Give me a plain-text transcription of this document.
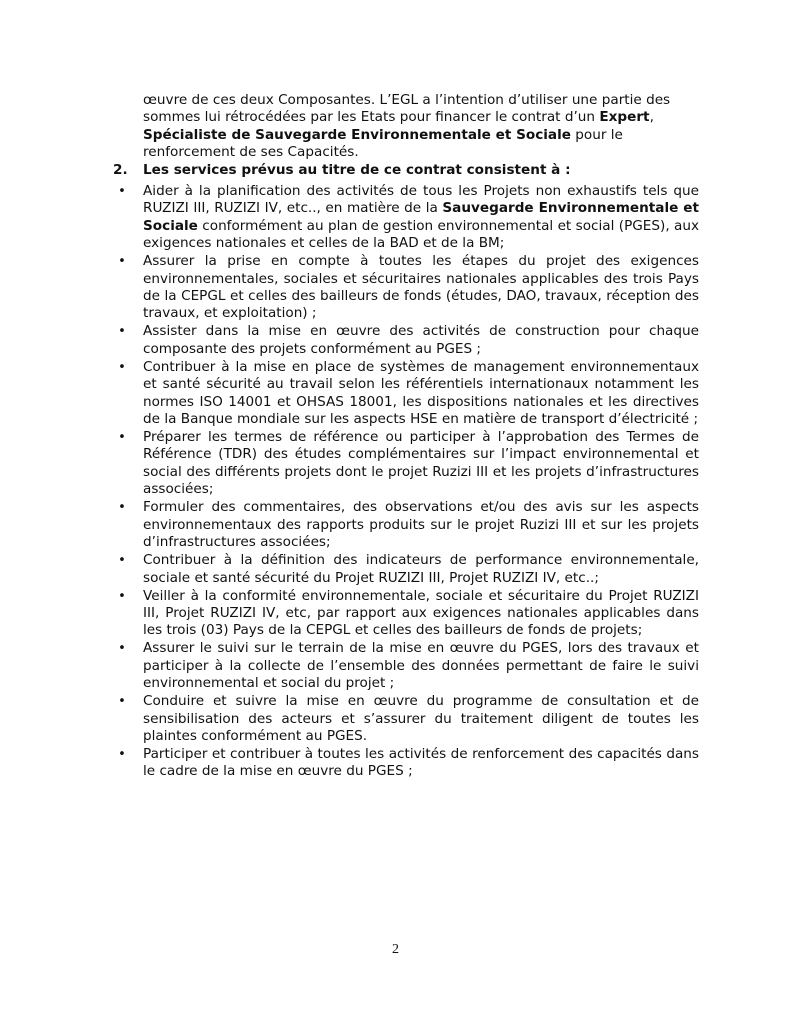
œuvre de ces deux Composantes. L’EGL a l’intention d’utiliser une partie des sommes lui rétrocédées par les Etats pour financer le contrat d’un Expert, Spécialiste de Sauvegarde Environnementale et Sociale pour le renforcement de ses Capacités.

2. Les services prévus au titre de ce contrat consistent à :
• Aider à la planification des activités de tous les Projets non exhaustifs tels que RUZIZI III, RUZIZI IV, etc.., en matière de la Sauvegarde Environnementale et Sociale conformément au plan de gestion environnemental et social (PGES), aux exigences nationales et celles de la BAD et de la BM;
• Assurer la prise en compte à toutes les étapes du projet des exigences environnementales, sociales et sécuritaires nationales applicables des trois Pays de la CEPGL et celles des bailleurs de fonds (études, DAO, travaux, réception des travaux, et exploitation) ;
• Assister dans la mise en œuvre des activités de construction pour chaque composante des projets conformément au PGES ;
• Contribuer à la mise en place de systèmes de management environnementaux et santé sécurité au travail selon les référentiels internationaux notamment les normes ISO 14001 et OHSAS 18001, les dispositions nationales et les directives de la Banque mondiale sur les aspects HSE en matière de transport d’électricité ;
• Préparer les termes de référence ou participer à l’approbation des Termes de Référence (TDR) des études complémentaires sur l’impact environnemental et social des différents projets dont le projet Ruzizi III et les projets d’infrastructures associées;
• Formuler des commentaires, des observations et/ou des avis sur les aspects environnementaux des rapports produits sur le projet Ruzizi III et sur les projets d’infrastructures associées;
• Contribuer à la définition des indicateurs de performance environnementale, sociale et santé sécurité du Projet RUZIZI III, Projet RUZIZI IV, etc..;
• Veiller à la conformité environnementale, sociale et sécuritaire du Projet RUZIZI III, Projet RUZIZI IV, etc, par rapport aux exigences nationales applicables dans les trois (03) Pays de la CEPGL et celles des bailleurs de fonds de projets;
• Assurer le suivi sur le terrain de la mise en œuvre du PGES, lors des travaux et participer à la collecte de l’ensemble des données permettant de faire le suivi environnemental et social du projet ;
• Conduire et suivre la mise en œuvre du programme de consultation et de sensibilisation des acteurs et s’assurer du traitement diligent de toutes les plaintes conformément au PGES.
• Participer et contribuer à toutes les activités de renforcement des capacités dans le cadre de la mise en œuvre du PGES ;
2
